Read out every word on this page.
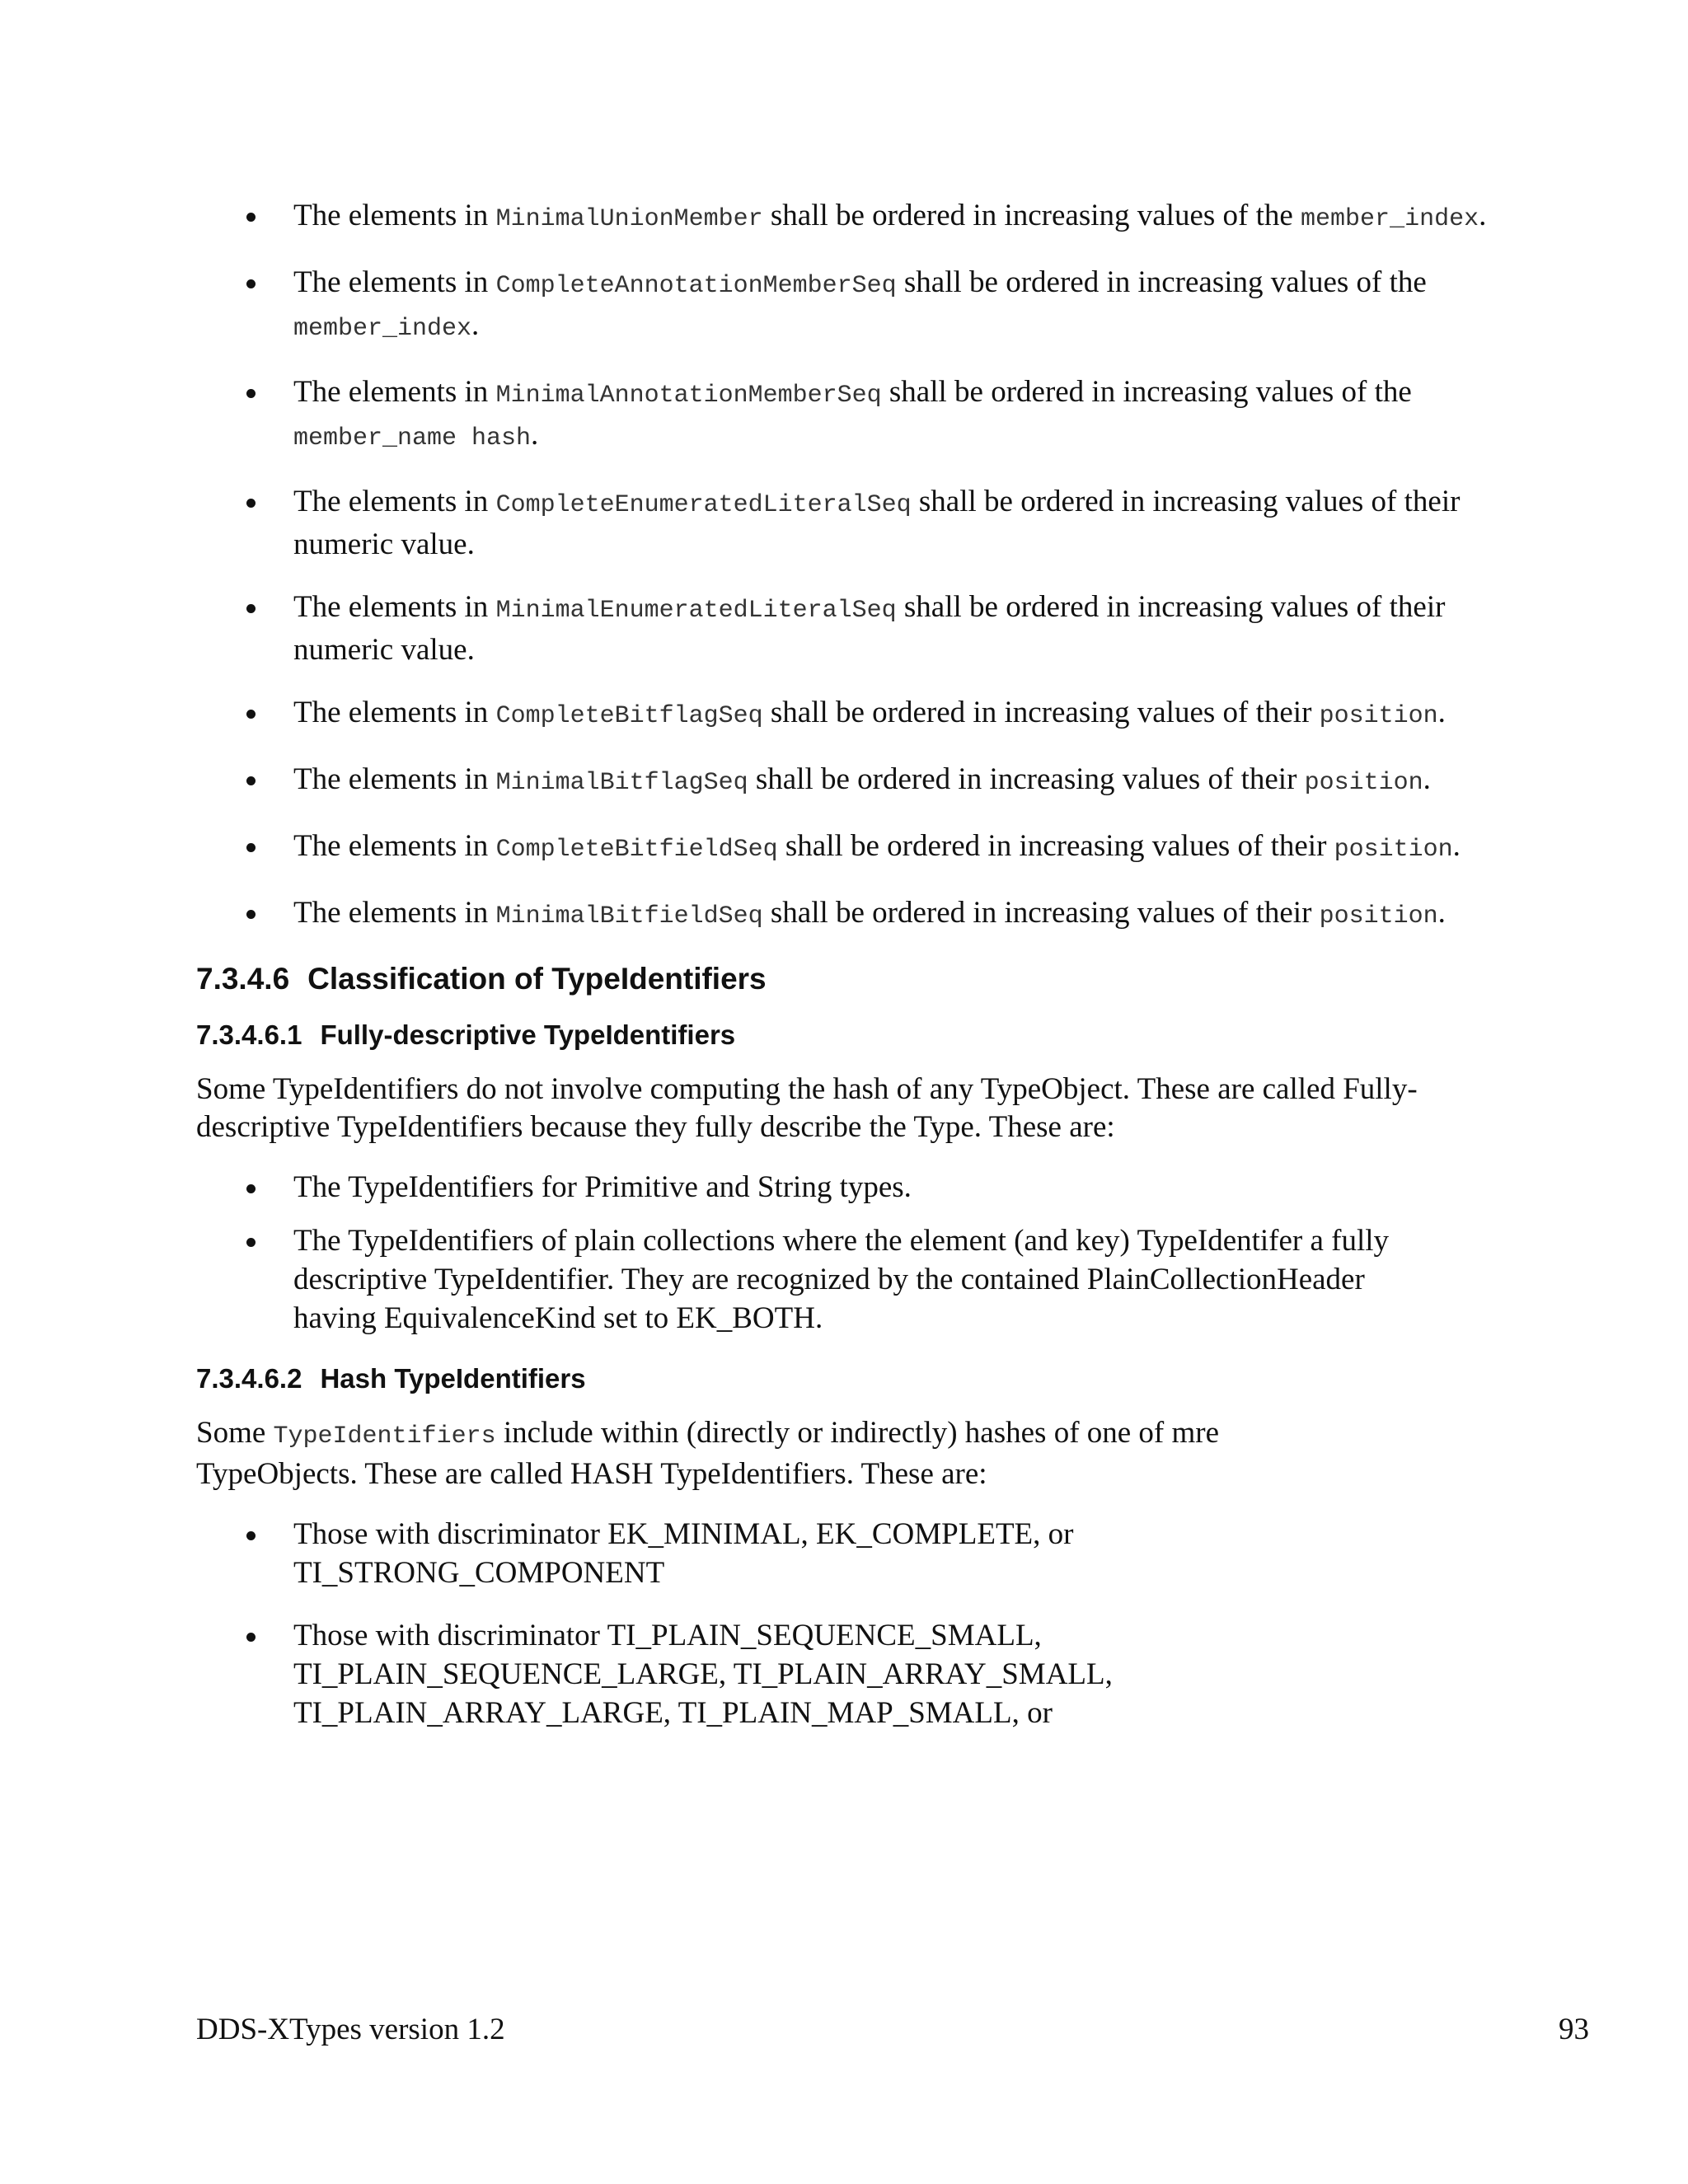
The elements in MinimalUnionMember shall be ordered in increasing values of the member_index.
The elements in CompleteAnnotationMemberSeq shall be ordered in increasing values of the member_index.
The elements in MinimalAnnotationMemberSeq shall be ordered in increasing values of the member_name hash.
The elements in CompleteEnumeratedLiteralSeq shall be ordered in increasing values of their numeric value.
The elements in MinimalEnumeratedLiteralSeq shall be ordered in increasing values of their numeric value.
The elements in CompleteBitflagSeq shall be ordered in increasing values of their position.
The elements in MinimalBitflagSeq shall be ordered in increasing values of their position.
The elements in CompleteBitfieldSeq shall be ordered in increasing values of their position.
The elements in MinimalBitfieldSeq shall be ordered in increasing values of their position.
7.3.4.6 Classification of TypeIdentifiers
7.3.4.6.1 Fully-descriptive TypeIdentifiers

Some TypeIdentifiers do not involve computing the hash of any TypeObject. These are called Fully-descriptive TypeIdentifiers because they fully describe the Type. These are:

The TypeIdentifiers for Primitive and String types.
The TypeIdentifiers of plain collections where the element (and key) TypeIdentifer a fully descriptive TypeIdentifier. They are recognized by the contained PlainCollectionHeader having EquivalenceKind set to EK_BOTH.
7.3.4.6.2 Hash TypeIdentifiers

Some TypeIdentifiers include within (directly or indirectly) hashes of one of mre TypeObjects. These are called HASH TypeIdentifiers. These are:

Those with discriminator EK_MINIMAL, EK_COMPLETE, or TI_STRONG_COMPONENT
Those with discriminator TI_PLAIN_SEQUENCE_SMALL, TI_PLAIN_SEQUENCE_LARGE, TI_PLAIN_ARRAY_SMALL, TI_PLAIN_ARRAY_LARGE, TI_PLAIN_MAP_SMALL, or
DDS-XTypes version 1.2	93
